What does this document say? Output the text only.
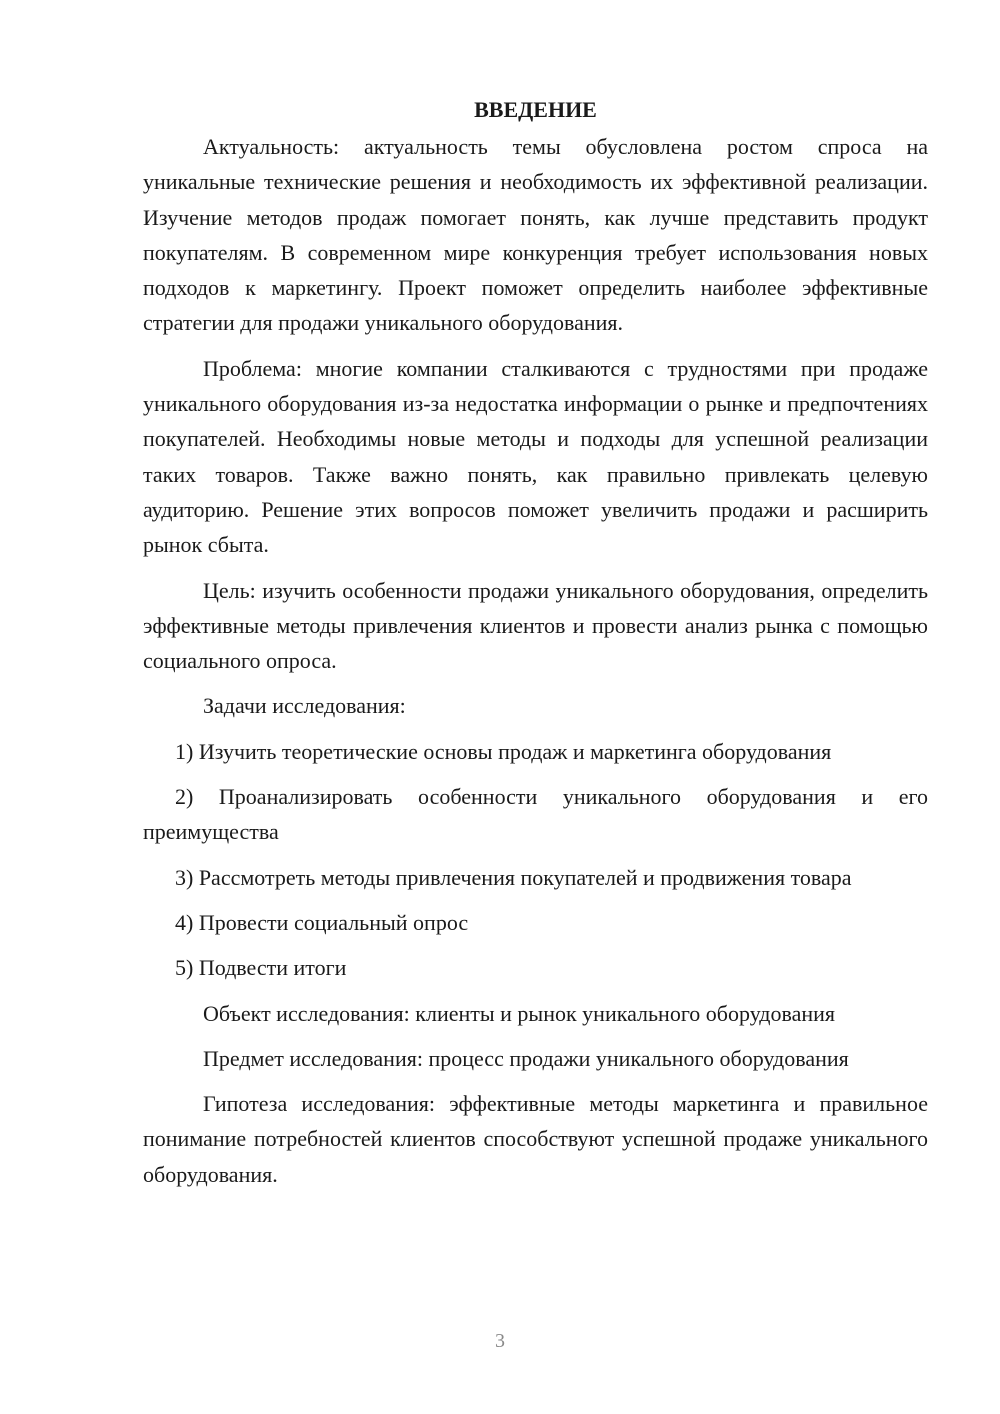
ВВЕДЕНИЕ

Актуальность: актуальность темы обусловлена ростом спроса на уникальные технические решения и необходимость их эффективной реализации. Изучение методов продаж помогает понять, как лучше представить продукт покупателям. В современном мире конкуренция требует использования новых подходов к маркетингу. Проект поможет определить наиболее эффективные стратегии для продажи уникального оборудования.

Проблема: многие компании сталкиваются с трудностями при продаже уникального оборудования из-за недостатка информации о рынке и предпочтениях покупателей. Необходимы новые методы и подходы для успешной реализации таких товаров. Также важно понять, как правильно привлекать целевую аудиторию. Решение этих вопросов поможет увеличить продажи и расширить рынок сбыта.

Цель: изучить особенности продажи уникального оборудования, определить эффективные методы привлечения клиентов и провести анализ рынка с помощью социального опроса.

Задачи исследования:

1) Изучить теоретические основы продаж и маркетинга оборудования

2) Проанализировать особенности уникального оборудования и его преимущества

3) Рассмотреть методы привлечения покупателей и продвижения товара

4) Провести социальный опрос

5) Подвести итоги

Объект исследования: клиенты и рынок уникального оборудования

Предмет исследования: процесс продажи уникального оборудования

Гипотеза исследования: эффективные методы маркетинга и правильное понимание потребностей клиентов способствуют успешной продаже уникального оборудования.

3
